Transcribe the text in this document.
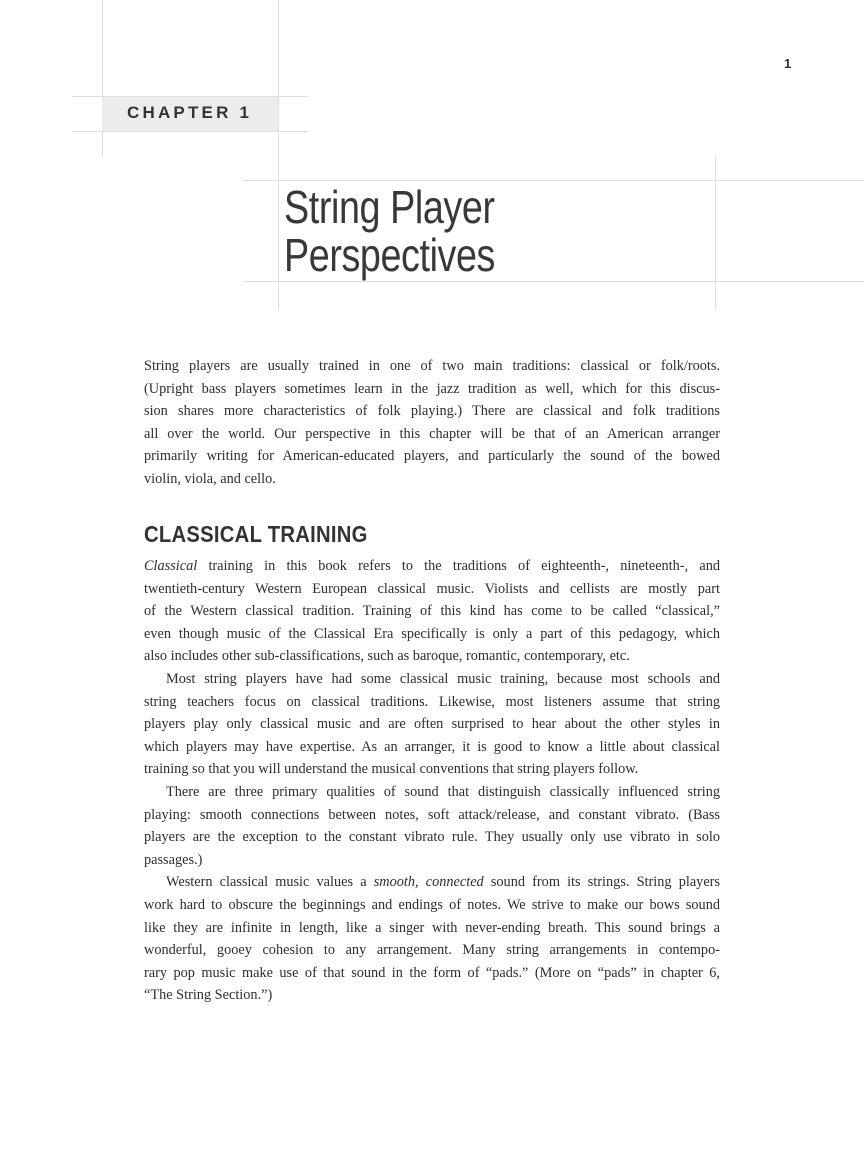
1
CHAPTER 1
String Player
Perspectives
String players are usually trained in one of two main traditions: classical or folk/roots.
(Upright bass players sometimes learn in the jazz tradition as well, which for this discus-
sion shares more characteristics of folk playing.) There are classical and folk traditions
all over the world. Our perspective in this chapter will be that of an American arranger
primarily writing for American-educated players, and particularly the sound of the bowed
violin, viola, and cello.
CLASSICAL TRAINING
Classical training in this book refers to the traditions of eighteenth-, nineteenth-, and
twentieth-century Western European classical music. Violists and cellists are mostly part
of the Western classical tradition. Training of this kind has come to be called “classical,”
even though music of the Classical Era specifically is only a part of this pedagogy, which
also includes other sub-classifications, such as baroque, romantic, contemporary, etc.
Most string players have had some classical music training, because most schools and
string teachers focus on classical traditions. Likewise, most listeners assume that string
players play only classical music and are often surprised to hear about the other styles in
which players may have expertise. As an arranger, it is good to know a little about classical
training so that you will understand the musical conventions that string players follow.
There are three primary qualities of sound that distinguish classically influenced string
playing: smooth connections between notes, soft attack/release, and constant vibrato. (Bass
players are the exception to the constant vibrato rule. They usually only use vibrato in solo
passages.)
Western classical music values a smooth, connected sound from its strings. String players
work hard to obscure the beginnings and endings of notes. We strive to make our bows sound
like they are infinite in length, like a singer with never-ending breath. This sound brings a
wonderful, gooey cohesion to any arrangement. Many string arrangements in contempo-
rary pop music make use of that sound in the form of “pads.” (More on “pads” in chapter 6,
“The String Section.”)
